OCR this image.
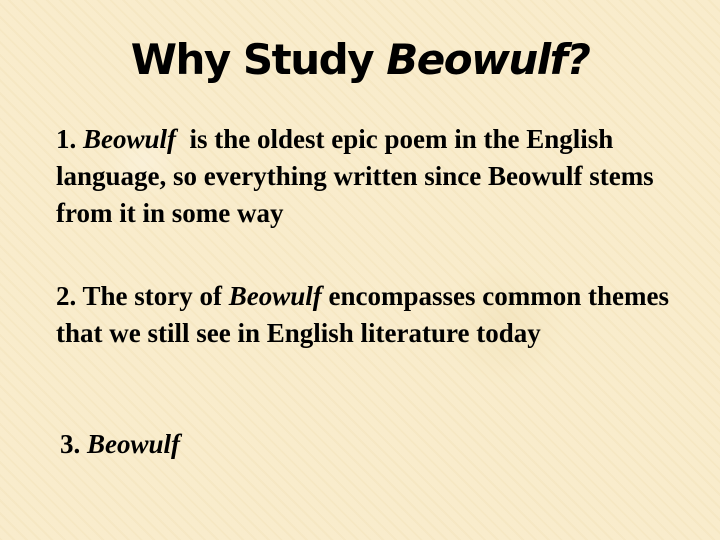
Why Study Beowulf?

1. Beowulf  is the oldest epic poem in the English language, so everything written since Beowulf stems from it in some way

2. The story of Beowulf encompasses common themes that we still see in English literature today

3. Beowulf
